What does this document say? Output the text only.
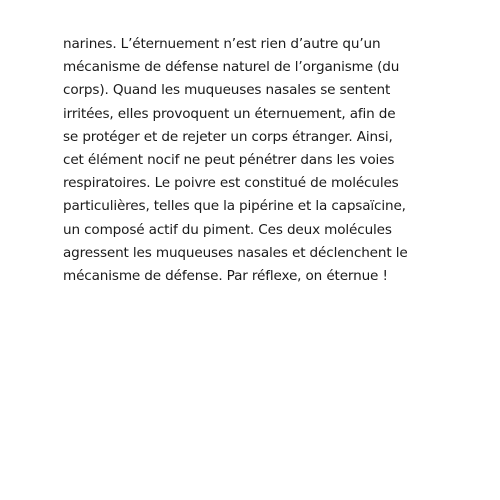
narines. L’éternuement n’est rien d’autre qu’un
mécanisme de défense naturel de l’organisme (du
corps). Quand les muqueuses nasales se sentent
irritées, elles provoquent un éternuement, afin de
se protéger et de rejeter un corps étranger. Ainsi,
cet élément nocif ne peut pénétrer dans les voies
respiratoires. Le poivre est constitué de molécules
particulières, telles que la pipérine et la capsaïcine,
un composé actif du piment. Ces deux molécules
agressent les muqueuses nasales et déclenchent le
mécanisme de défense. Par réflexe, on éternue !
